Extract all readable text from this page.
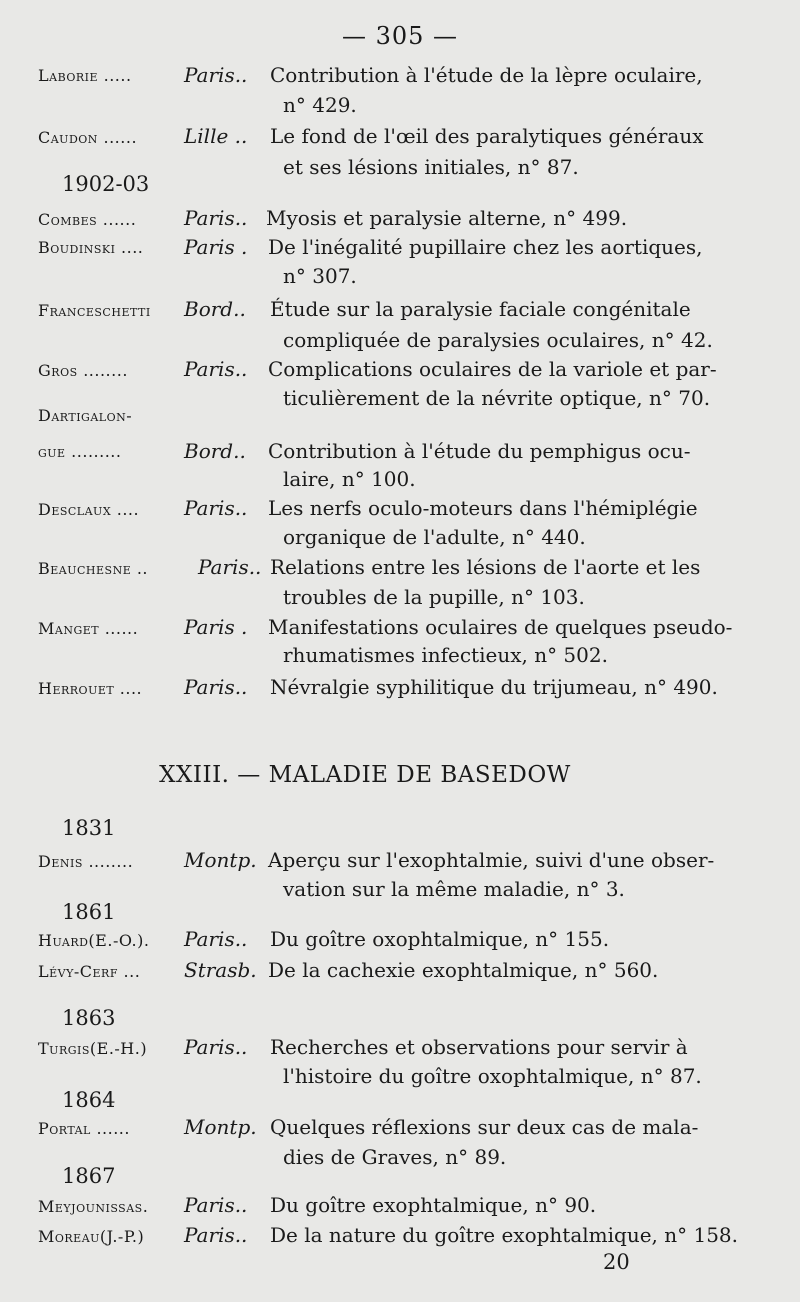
— 305 —
1902-03
Laborie .....	Paris.. Contribution à l'étude de la lèpre oculaire,
n° 429.
Caudon ...... Lille .. Le fond de l'œil des paralytiques généraux
et ses lésions initiales, n° 87.
Combes ...... Paris.. Myosis et paralysie alterne, n° 499.
Boudinski .... Paris . De l'inégalité pupillaire chez les aortiques,
n° 307.
Franceschetti Bord.. Étude sur la paralysie faciale congénitale
compliquée de paralysies oculaires, n° 42.
Gros ........	Paris.. Complications oculaires de la variole et par-
ticulièrement de la névrite optique, n° 70.
Dartigalon-
gue .........	Bord.. Contribution à l'étude du pemphigus ocu-
laire, n° 100.
Desclaux .... Paris.. Les nerfs oculo-moteurs dans l'hémiplégie
organique de l'adulte, n° 440.
Beauchesne ..	Paris.. Relations entre les lésions de l'aorte et les
troubles de la pupille, n° 103.
Manget ...... Paris . Manifestations oculaires de quelques pseudo-
rhumatismes infectieux, n° 502.
Herrouet .... Paris.. Névralgie syphilitique du trijumeau, n° 490.
XXIII. — MALADIE DE BASEDOW
1831
Denis ........	Montp. Aperçu sur l'exophtalmie, suivi d'une obser-
vation sur la même maladie, n° 3.
1861
Huard(E.-O.). Paris.. Du goître oxophtalmique, n° 155.
Lévy-Cerf ... Strasb. De la cachexie exophtalmique, n° 560.
1863
Turgis(E.-H.) Paris.. Recherches et observations pour servir à
l'histoire du goître oxophtalmique, n° 87.
1864
Portal ......	Montp. Quelques réflexions sur deux cas de mala-
dies de Graves, n° 89.
1867
Meyjounissas. Paris.. Du goître exophtalmique, n° 90.
Moreau(J.-P.) Paris.. De la nature du goître exophtalmique, n° 158.
20
